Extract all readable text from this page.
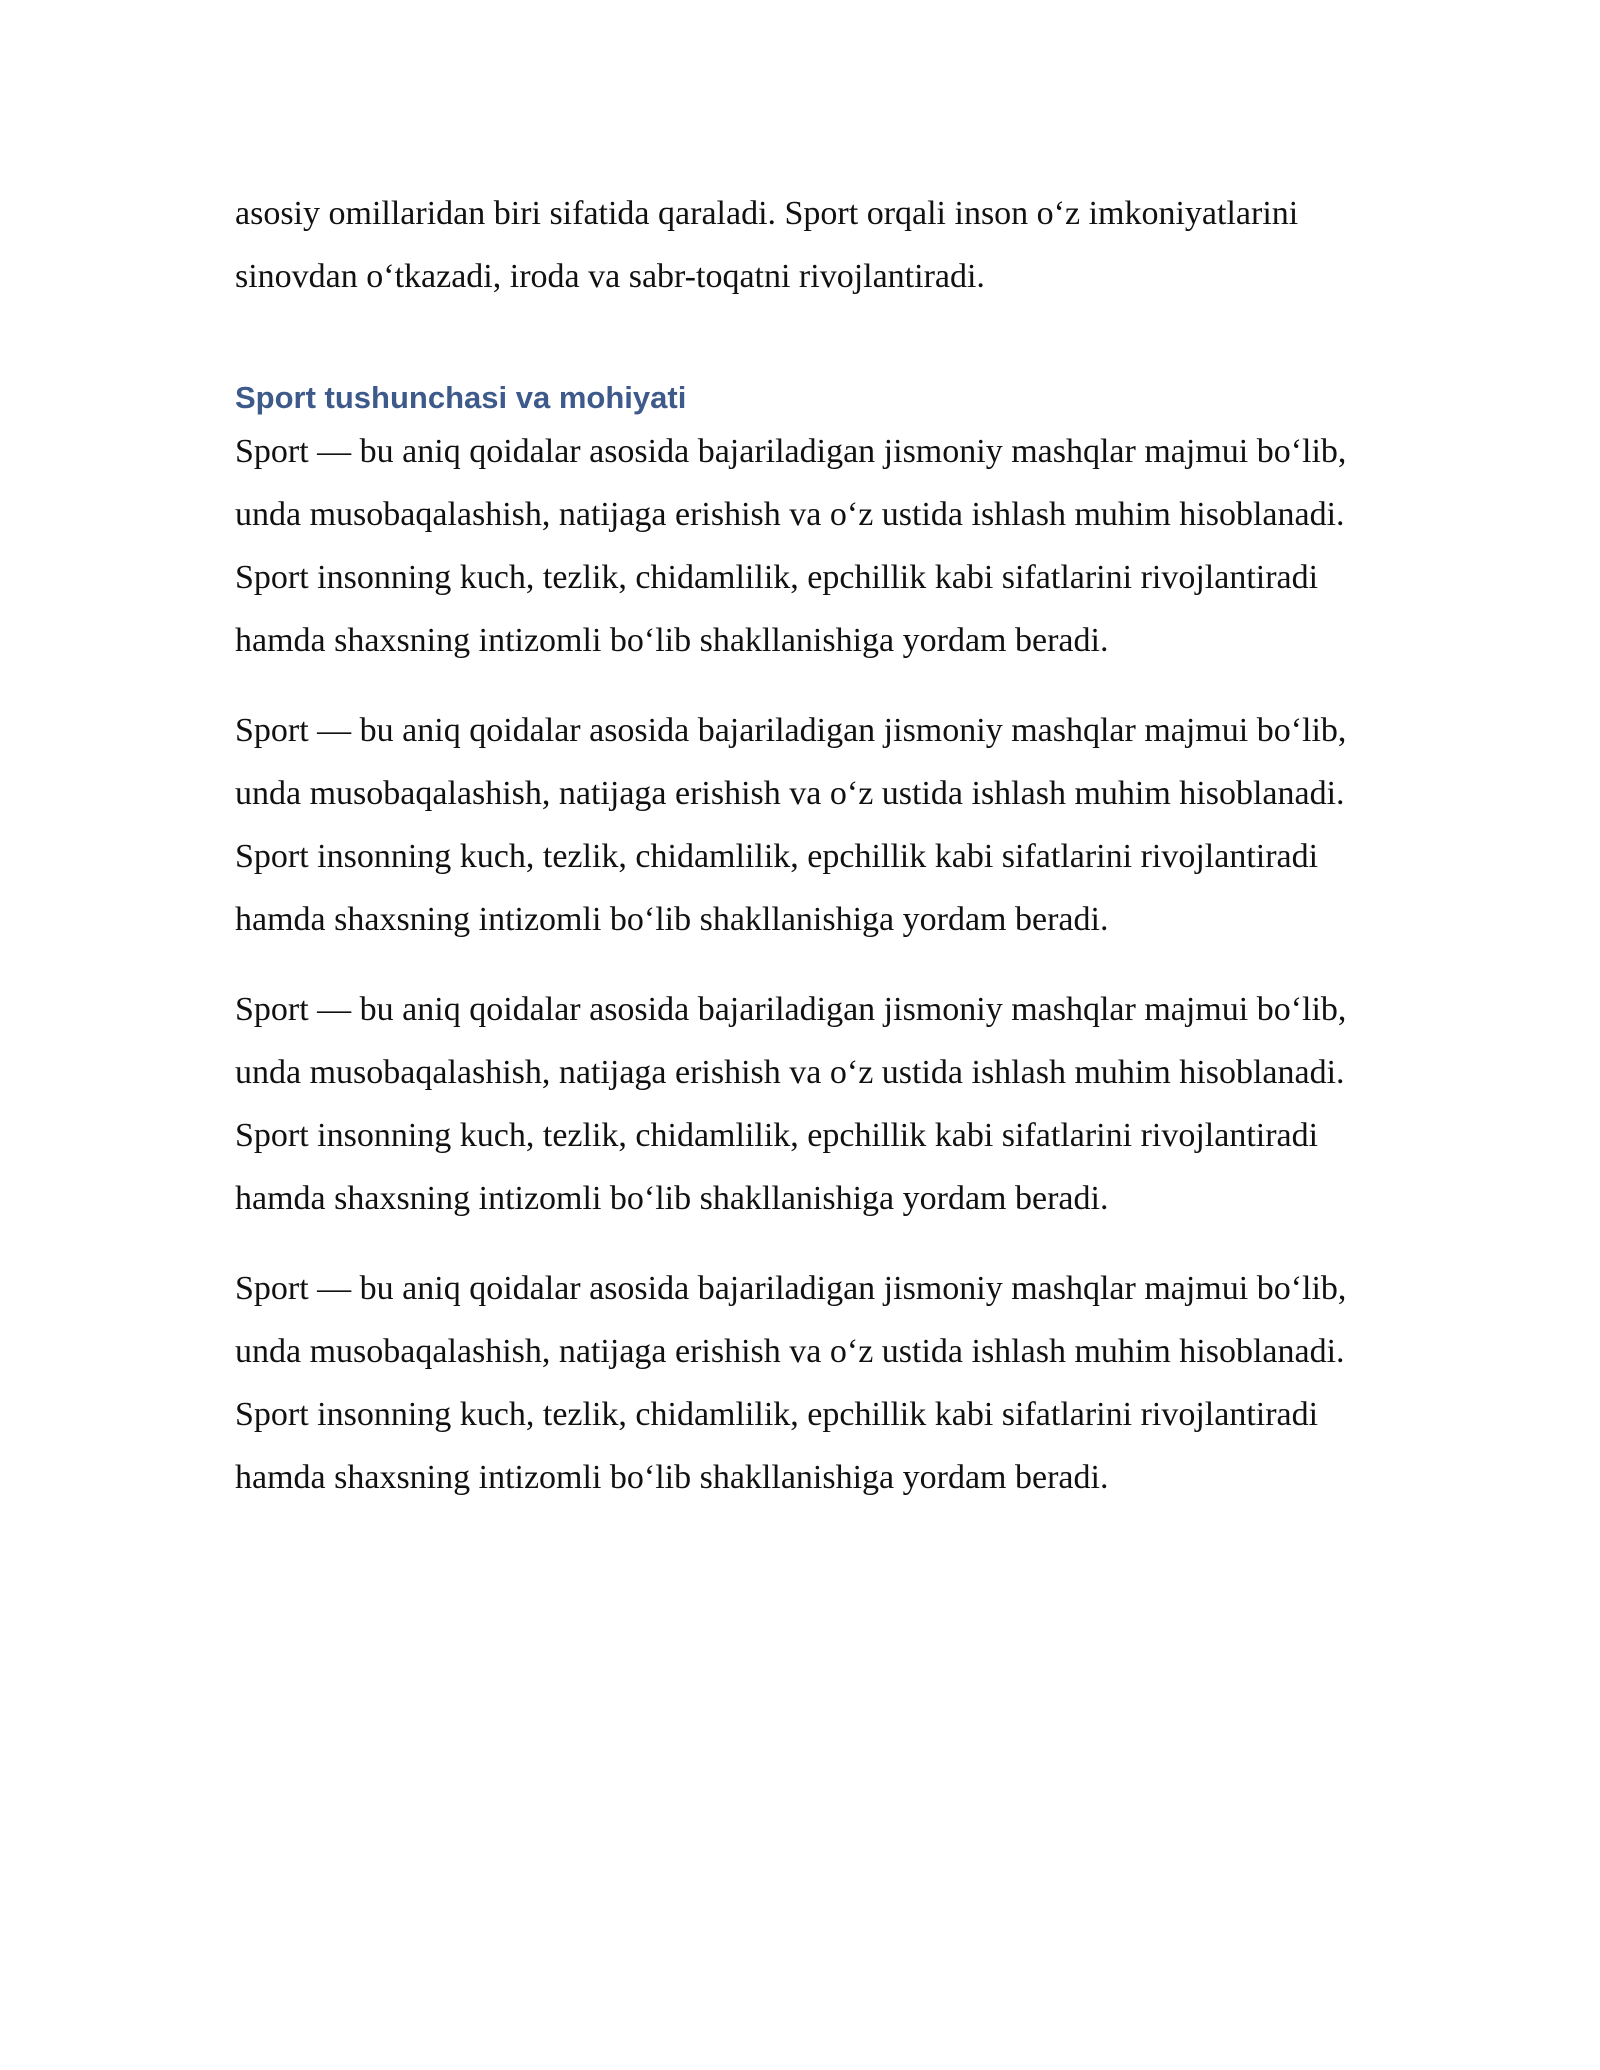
asosiy omillaridan biri sifatida qaraladi. Sport orqali inson o‘z imkoniyatlarini sinovdan o‘tkazadi, iroda va sabr-toqatni rivojlantiradi.

Sport tushunchasi va mohiyati

Sport — bu aniq qoidalar asosida bajariladigan jismoniy mashqlar majmui bo‘lib, unda musobaqalashish, natijaga erishish va o‘z ustida ishlash muhim hisoblanadi. Sport insonning kuch, tezlik, chidamlilik, epchillik kabi sifatlarini rivojlantiradi hamda shaxsning intizomli bo‘lib shakllanishiga yordam beradi.

Sport — bu aniq qoidalar asosida bajariladigan jismoniy mashqlar majmui bo‘lib, unda musobaqalashish, natijaga erishish va o‘z ustida ishlash muhim hisoblanadi. Sport insonning kuch, tezlik, chidamlilik, epchillik kabi sifatlarini rivojlantiradi hamda shaxsning intizomli bo‘lib shakllanishiga yordam beradi.

Sport — bu aniq qoidalar asosida bajariladigan jismoniy mashqlar majmui bo‘lib, unda musobaqalashish, natijaga erishish va o‘z ustida ishlash muhim hisoblanadi. Sport insonning kuch, tezlik, chidamlilik, epchillik kabi sifatlarini rivojlantiradi hamda shaxsning intizomli bo‘lib shakllanishiga yordam beradi.

Sport — bu aniq qoidalar asosida bajariladigan jismoniy mashqlar majmui bo‘lib, unda musobaqalashish, natijaga erishish va o‘z ustida ishlash muhim hisoblanadi. Sport insonning kuch, tezlik, chidamlilik, epchillik kabi sifatlarini rivojlantiradi hamda shaxsning intizomli bo‘lib shakllanishiga yordam beradi.
